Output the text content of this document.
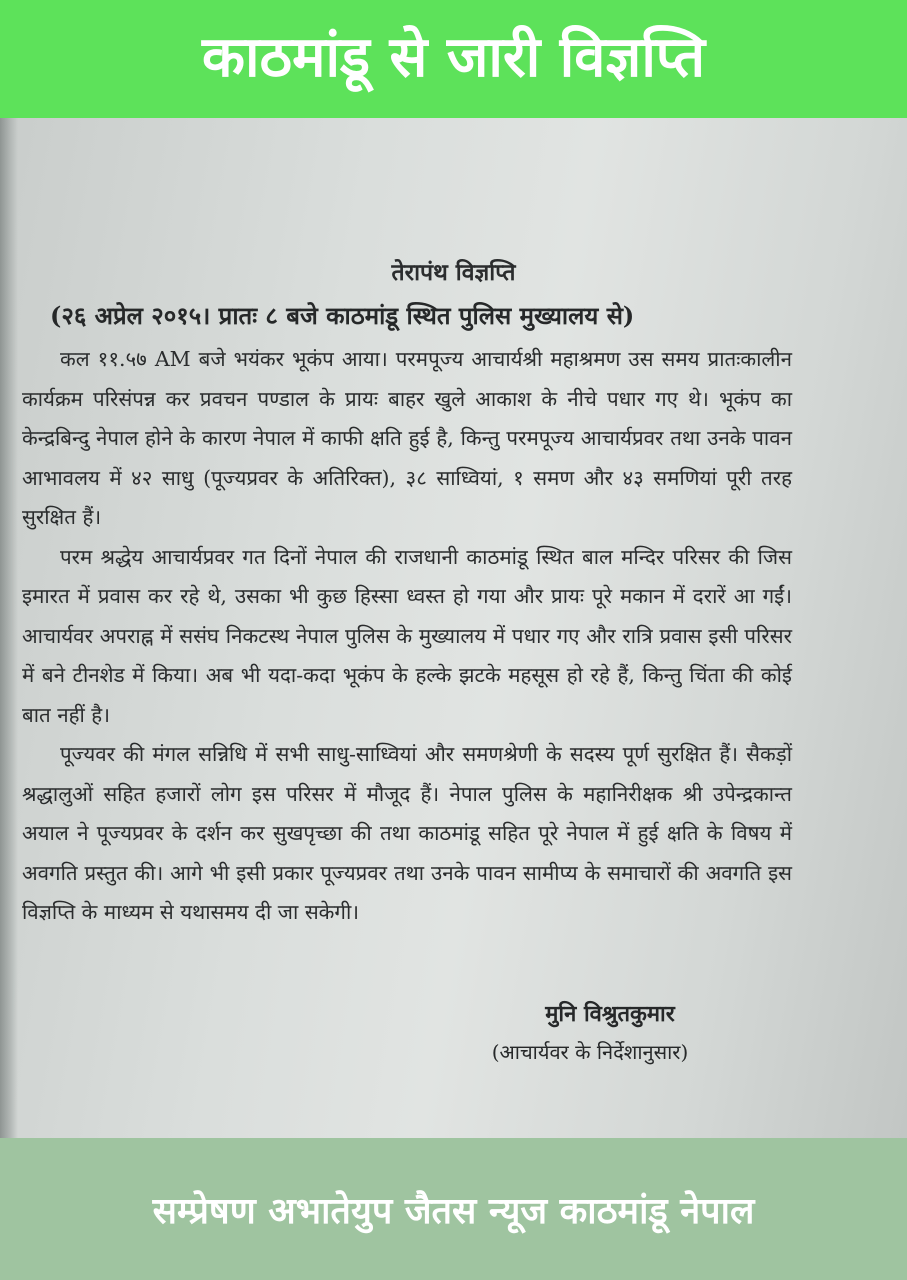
काठमांडू से जारी विज्ञप्ति
तेरापंथ विज्ञप्ति
(२६ अप्रेल २०१५। प्रातः ८ बजे काठमांडू स्थित पुलिस मुख्यालय से)

कल ११.५७ AM बजे भयंकर भूकंप आया। परमपूज्य आचार्यश्री महाश्रमण उस समय प्रातःकालीन कार्यक्रम परिसंपन्न कर प्रवचन पण्डाल के प्रायः बाहर खुले आकाश के नीचे पधार गए थे। भूकंप का केन्द्रबिन्दु नेपाल होने के कारण नेपाल में काफी क्षति हुई है, किन्तु परमपूज्य आचार्यप्रवर तथा उनके पावन आभावलय में ४२ साधु (पूज्यप्रवर के अतिरिक्त), ३८ साध्वियां, १ समण और ४३ समणियां पूरी तरह सुरक्षित हैं।

परम श्रद्धेय आचार्यप्रवर गत दिनों नेपाल की राजधानी काठमांडू स्थित बाल मन्दिर परिसर की जिस इमारत में प्रवास कर रहे थे, उसका भी कुछ हिस्सा ध्वस्त हो गया और प्रायः पूरे मकान में दरारें आ गईं। आचार्यवर अपराह्न में ससंघ निकटस्थ नेपाल पुलिस के मुख्यालय में पधार गए और रात्रि प्रवास इसी परिसर में बने टीनशेड में किया। अब भी यदा-कदा भूकंप के हल्के झटके महसूस हो रहे हैं, किन्तु चिंता की कोई बात नहीं है।

पूज्यवर की मंगल सन्निधि में सभी साधु-साध्वियां और समणश्रेणी के सदस्य पूर्ण सुरक्षित हैं। सैकड़ों श्रद्धालुओं सहित हजारों लोग इस परिसर में मौजूद हैं। नेपाल पुलिस के महानिरीक्षक श्री उपेन्द्रकान्त अयाल ने पूज्यप्रवर के दर्शन कर सुखपृच्छा की तथा काठमांडू सहित पूरे नेपाल में हुई क्षति के विषय में अवगति प्रस्तुत की। आगे भी इसी प्रकार पूज्यप्रवर तथा उनके पावन सामीप्य के समाचारों की अवगति इस विज्ञप्ति के माध्यम से यथासमय दी जा सकेगी।

मुनि विश्रुतकुमार
(आचार्यवर के निर्देशानुसार)
सम्प्रेषण अभातेयुप जैतस न्यूज काठमांडू नेपाल
